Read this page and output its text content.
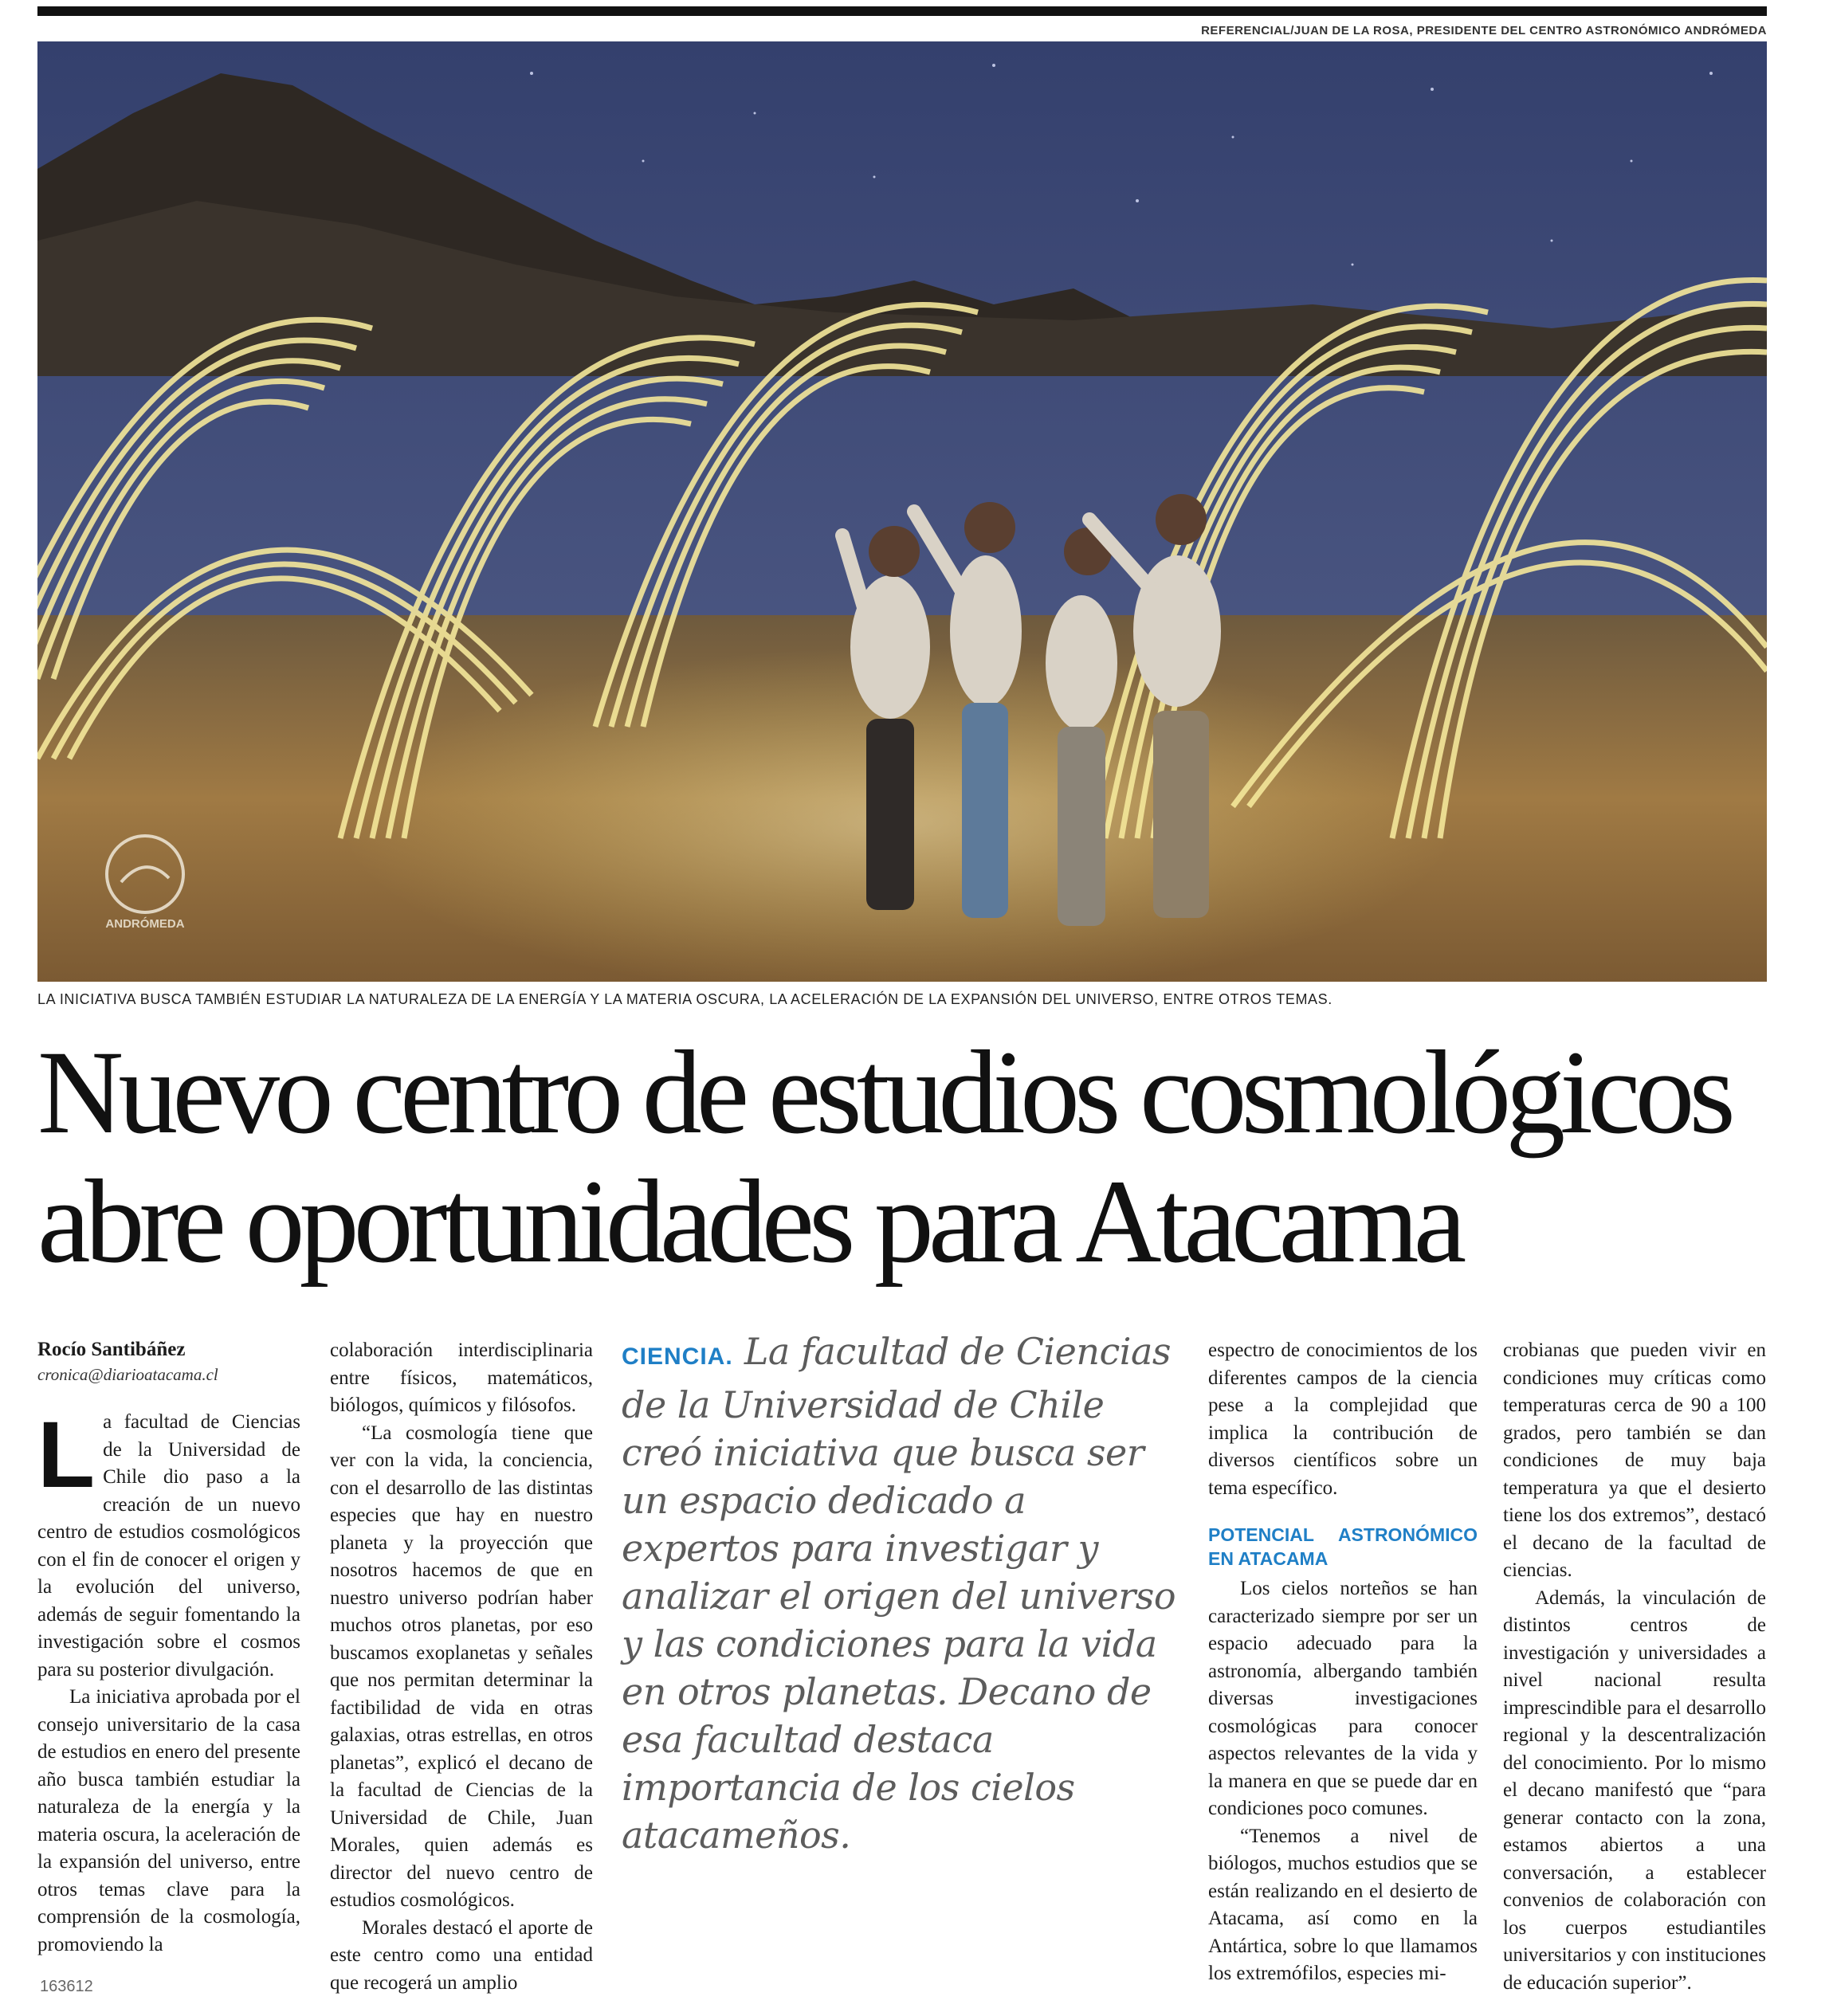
REFERENCIAL/JUAN DE LA ROSA, PRESIDENTE DEL CENTRO ASTRONÓMICO ANDRÓMEDA
ANDRÓMEDA
LA INICIATIVA BUSCA TAMBIÉN ESTUDIAR LA NATURALEZA DE LA ENERGÍA Y LA MATERIA OSCURA, LA ACELERACIÓN DE LA EXPANSIÓN DEL UNIVERSO, ENTRE OTROS TEMAS.
Nuevo centro de estudios cosmológicos
abre oportunidades para Atacama
Rocío Santibáñez
cronica@diarioatacama.cl

La facultad de Ciencias de la Universidad de Chile dio paso a la creación de un nuevo centro de estudios cosmológicos con el fin de conocer el origen y la evolución del universo, además de seguir fomentando la investigación sobre el cosmos para su posterior divulgación.

La iniciativa aprobada por el consejo universitario de la casa de estudios en enero del presente año busca también estudiar la naturaleza de la energía y la materia oscura, la aceleración de la expansión del universo, entre otros temas clave para la comprensión de la cosmología, promoviendo la

colaboración interdisciplinaria entre físicos, matemáticos, biólogos, químicos y filósofos.

“La cosmología tiene que ver con la vida, la conciencia, con el desarrollo de las distintas especies que hay en nuestro planeta y la proyección que nosotros hacemos de que en nuestro universo podrían haber muchos otros planetas, por eso buscamos exoplanetas y señales que nos permitan determinar la factibilidad de vida en otras galaxias, otras estrellas, en otros planetas”, explicó el decano de la facultad de Ciencias de la Universidad de Chile, Juan Morales, quien además es director del nuevo centro de estudios cosmológicos.

Morales destacó el aporte de este centro como una entidad que recogerá un amplio

CIENCIA. La facultad de Ciencias de la Universidad de Chile creó iniciativa que busca ser un espacio dedicado a expertos para investigar y analizar el origen del universo y las condiciones para la vida en otros planetas. Decano de esa facultad destaca importancia de los cielos atacameños.

espectro de conocimientos de los diferentes campos de la ciencia pese a la complejidad que implica la contribución de diversos científicos sobre un tema específico.

POTENCIAL ASTRONÓMICO EN ATACAMA

Los cielos norteños se han caracterizado siempre por ser un espacio adecuado para la astronomía, albergando también diversas investigaciones cosmológicas para conocer aspectos relevantes de la vida y la manera en que se puede dar en condiciones poco comunes.

“Tenemos a nivel de biólogos, muchos estudios que se están realizando en el desierto de Atacama, así como en la Antártica, sobre lo que llamamos los extremófilos, especies mi-

crobianas que pueden vivir en condiciones muy críticas como temperaturas cerca de 90 a 100 grados, pero también se dan condiciones de muy baja temperatura ya que el desierto tiene los dos extremos”, destacó el decano de la facultad de ciencias.

Además, la vinculación de distintos centros de investigación y universidades a nivel nacional resulta imprescindible para el desarrollo regional y la descentralización del conocimiento. Por lo mismo el decano manifestó que “para generar contacto con la zona, estamos abiertos a una conversación, a establecer convenios de colaboración con los cuerpos estudiantiles universitarios y con instituciones de educación superior”.

163612
